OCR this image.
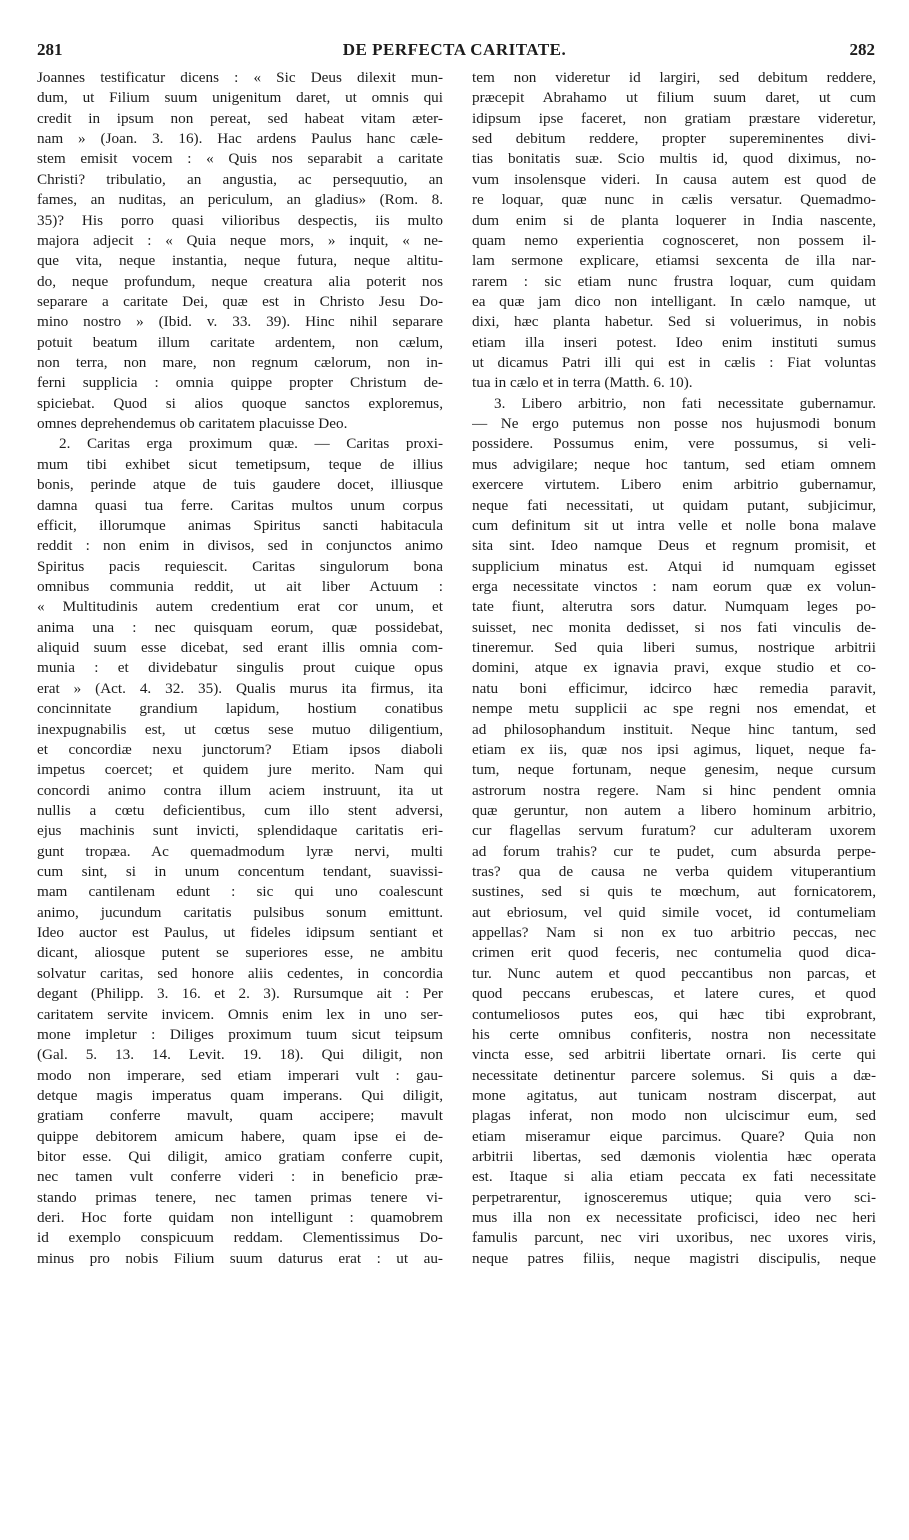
281	DE PERFECTA CARITATE.	282
Joannes testificatur dicens : « Sic Deus dilexit mun-
dum, ut Filium suum unigenitum daret, ut omnis qui
credit in ipsum non pereat, sed habeat vitam æter-
nam » (Joan. 3. 16). Hac ardens Paulus hanc cæle-
stem emisit vocem : « Quis nos separabit a caritate
Christi? tribulatio, an angustia, ac persequutio, an
fames, an nuditas, an periculum, an gladius» (Rom. 8.
35)? His porro quasi vilioribus despectis, iis multo
majora adjecit : « Quia neque mors, » inquit, « ne-
que vita, neque instantia, neque futura, neque altitu-
do, neque profundum, neque creatura alia poterit nos
separare a caritate Dei, quæ est in Christo Jesu Do-
mino nostro » (Ibid. v. 33. 39). Hinc nihil separare
potuit beatum illum caritate ardentem, non cælum,
non terra, non mare, non regnum cælorum, non in-
ferni supplicia : omnia quippe propter Christum de-
spiciebat. Quod si alios quoque sanctos exploremus,
omnes deprehendemus ob caritatem placuisse Deo.
2. Caritas erga proximum quæ. — Caritas proxi-
mum tibi exhibet sicut temetipsum, teque de illius
bonis, perinde atque de tuis gaudere docet, illiusque
damna quasi tua ferre. Caritas multos unum corpus
efficit, illorumque animas Spiritus sancti habitacula
reddit : non enim in divisos, sed in conjunctos animo
Spiritus pacis requiescit. Caritas singulorum bona
omnibus communia reddit, ut ait liber Actuum :
« Multitudinis autem credentium erat cor unum, et
anima una : nec quisquam eorum, quæ possidebat,
aliquid suum esse dicebat, sed erant illis omnia com-
munia : et dividebatur singulis prout cuique opus
erat » (Act. 4. 32. 35). Qualis murus ita firmus, ita
concinnitate grandium lapidum, hostium conatibus
inexpugnabilis est, ut cœtus sese mutuo diligentium,
et concordiæ nexu junctorum? Etiam ipsos diaboli
impetus coercet; et quidem jure merito. Nam qui
concordi animo contra illum aciem instruunt, ita ut
nullis a cœtu deficientibus, cum illo stent adversi,
ejus machinis sunt invicti, splendidaque caritatis eri-
gunt tropæa. Ac quemadmodum lyræ nervi, multi
cum sint, si in unum concentum tendant, suavissi-
mam cantilenam edunt : sic qui uno coalescunt
animo, jucundum caritatis pulsibus sonum emittunt.
Ideo auctor est Paulus, ut fideles idipsum sentiant et
dicant, aliosque putent se superiores esse, ne ambitu
solvatur caritas, sed honore aliis cedentes, in concordia
degant (Philipp. 3. 16. et 2. 3). Rursumque ait : Per
caritatem servite invicem. Omnis enim lex in uno ser-
mone impletur : Diliges proximum tuum sicut teipsum
(Gal. 5. 13. 14. Levit. 19. 18). Qui diligit, non
modo non imperare, sed etiam imperari vult : gau-
detque magis imperatus quam imperans. Qui diligit,
gratiam conferre mavult, quam accipere; mavult
quippe debitorem amicum habere, quam ipse ei de-
bitor esse. Qui diligit, amico gratiam conferre cupit,
nec tamen vult conferre videri : in beneficio præ-
stando primas tenere, nec tamen primas tenere vi-
deri. Hoc forte quidam non intelligunt : quamobrem
id exemplo conspicuum reddam. Clementissimus Do-
minus pro nobis Filium suum daturus erat : ut au-
tem non videretur id largiri, sed debitum reddere,
præcepit Abrahamo ut filium suum daret, ut cum
idipsum ipse faceret, non gratiam præstare videretur,
sed debitum reddere, propter supereminentes divi-
tias bonitatis suæ. Scio multis id, quod diximus, no-
vum insolensque videri. In causa autem est quod de
re loquar, quæ nunc in cælis versatur. Quemadmo-
dum enim si de planta loquerer in India nascente,
quam nemo experientia cognosceret, non possem il-
lam sermone explicare, etiamsi sexcenta de illa nar-
rarem : sic etiam nunc frustra loquar, cum quidam
ea quæ jam dico non intelligant. In cælo namque, ut
dixi, hæc planta habetur. Sed si voluerimus, in nobis
etiam illa inseri potest. Ideo enim instituti sumus
ut dicamus Patri illi qui est in cælis : Fiat voluntas
tua in cælo et in terra (Matth. 6. 10).
3. Libero arbitrio, non fati necessitate gubernamur.
— Ne ergo putemus non posse nos hujusmodi bonum
possidere. Possumus enim, vere possumus, si veli-
mus advigilare; neque hoc tantum, sed etiam omnem
exercere virtutem. Libero enim arbitrio gubernamur,
neque fati necessitati, ut quidam putant, subjicimur,
cum definitum sit ut intra velle et nolle bona malave
sita sint. Ideo namque Deus et regnum promisit, et
supplicium minatus est. Atqui id numquam egisset
erga necessitate vinctos : nam eorum quæ ex volun-
tate fiunt, alterutra sors datur. Numquam leges po-
suisset, nec monita dedisset, si nos fati vinculis de-
tineremur. Sed quia liberi sumus, nostrique arbitrii
domini, atque ex ignavia pravi, exque studio et co-
natu boni efficimur, idcirco hæc remedia paravit,
nempe metu supplicii ac spe regni nos emendat, et
ad philosophandum instituit. Neque hinc tantum, sed
etiam ex iis, quæ nos ipsi agimus, liquet, neque fa-
tum, neque fortunam, neque genesim, neque cursum
astrorum nostra regere. Nam si hinc pendent omnia
quæ geruntur, non autem a libero hominum arbitrio,
cur flagellas servum furatum? cur adulteram uxorem
ad forum trahis? cur te pudet, cum absurda perpe-
tras? qua de causa ne verba quidem vituperantium
sustines, sed si quis te mœchum, aut fornicatorem,
aut ebriosum, vel quid simile vocet, id contumeliam
appellas? Nam si non ex tuo arbitrio peccas, nec
crimen erit quod feceris, nec contumelia quod dica-
tur. Nunc autem et quod peccantibus non parcas, et
quod peccans erubescas, et latere cures, et quod
contumeliosos putes eos, qui hæc tibi exprobrant,
his certe omnibus confiteris, nostra non necessitate
vincta esse, sed arbitrii libertate ornari. Iis certe qui
necessitate detinentur parcere solemus. Si quis a dæ-
mone agitatus, aut tunicam nostram discerpat, aut
plagas inferat, non modo non ulciscimur eum, sed
etiam miseramur eique parcimus. Quare? Quia non
arbitrii libertas, sed dæmonis violentia hæc operata
est. Itaque si alia etiam peccata ex fati necessitate
perpetrarentur, ignosceremus utique; quia vero sci-
mus illa non ex necessitate proficisci, ideo nec heri
famulis parcunt, nec viri uxoribus, nec uxores viris,
neque patres filiis, neque magistri discipulis, neque
